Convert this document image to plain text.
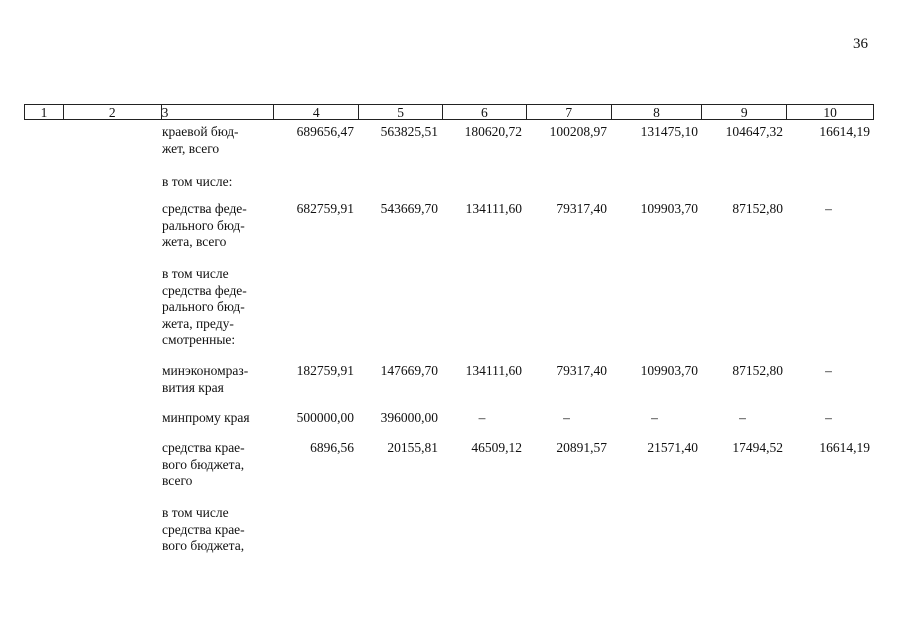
36
1	2	3	4	5	6	7	8	9	10
краевой бюд-
жет, всего
689656,47	563825,51	180620,72	100208,97	131475,10	104647,32	16614,19
в том числе:
средства феде-
рального бюд-
жета, всего
682759,91	543669,70	134111,60	79317,40	109903,70	87152,80	–
в том числе
средства феде-
рального бюд-
жета, преду-
смотренные:
минэкономраз-
вития края
182759,91	147669,70	134111,60	79317,40	109903,70	87152,80	–
минпрому края	500000,00	396000,00	–	–	–	–	–
средства крае-
вого бюджета,
всего
6896,56	20155,81	46509,12	20891,57	21571,40	17494,52	16614,19
в том числе
средства крае-
вого бюджета,
